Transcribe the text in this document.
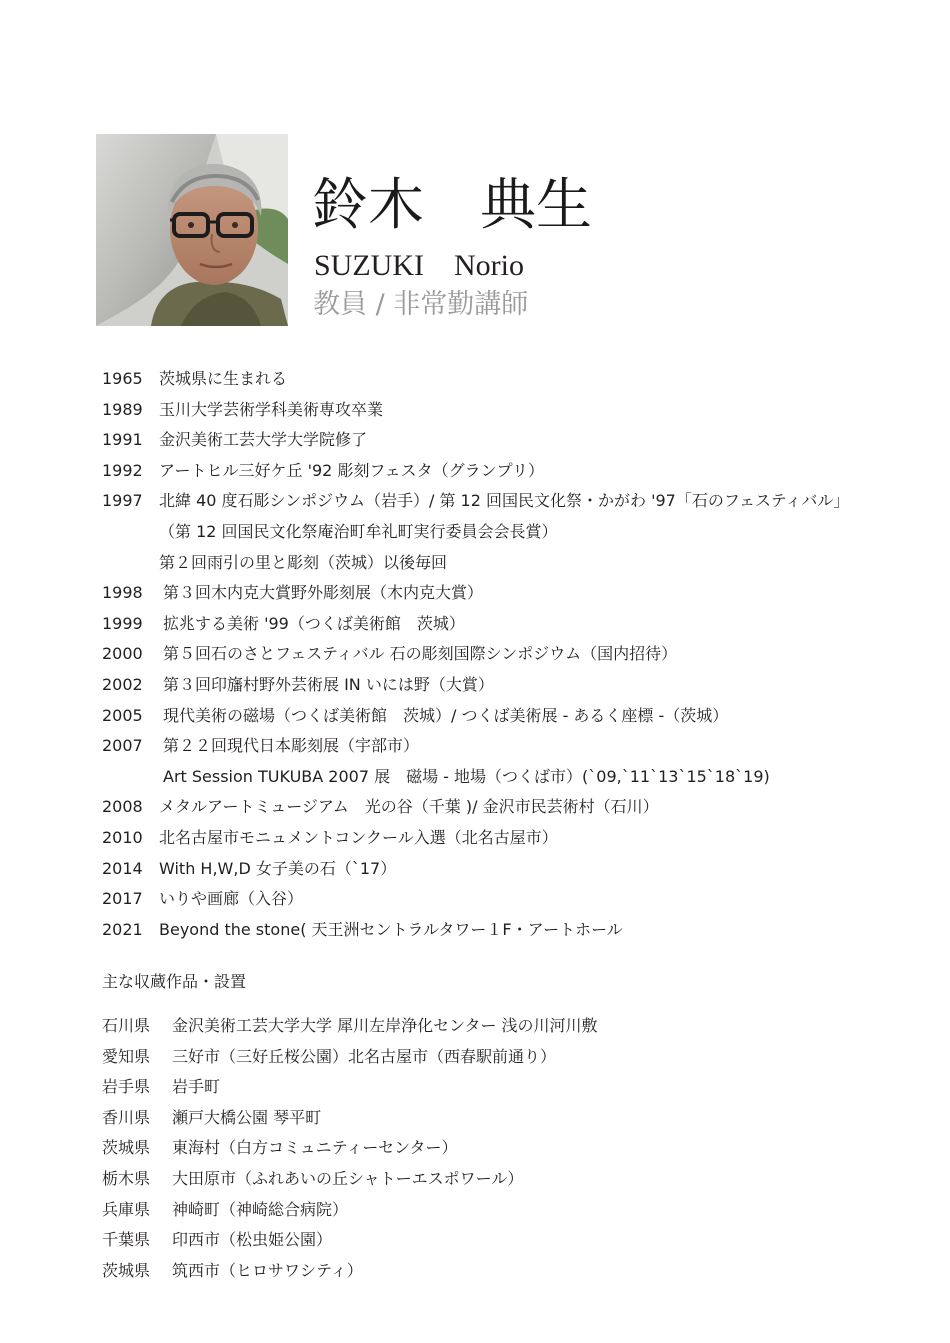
鈴木　典生
SUZUKI　Norio
教員 / 非常勤講師
1965 茨城県に生まれる
1989 玉川大学芸術学科美術専攻卒業
1991 金沢美術工芸大学大学院修了
1992 アートヒル三好ケ丘 '92 彫刻フェスタ（グランプリ）
1997 北緯 40 度石彫シンポジウム（岩手）/ 第 12 回国民文化祭・かがわ '97「石のフェスティバル」
（第 12 回国民文化祭庵治町牟礼町実行委員会会長賞）
第２回雨引の里と彫刻（茨城）以後毎回
1998 第３回木内克大賞野外彫刻展（木内克大賞）
1999 拡兆する美術 '99（つくば美術館　茨城）
2000 第５回石のさとフェスティバル 石の彫刻国際シンポジウム（国内招待）
2002 第３回印旛村野外芸術展 IN いには野（大賞）
2005 現代美術の磁場（つくば美術館　茨城）/ つくば美術展 - あるく座標 -（茨城）
2007 第２２回現代日本彫刻展（宇部市）
Art Session TUKUBA 2007 展　磁場 - 地場（つくば市）(`09,`11`13`15`18`19)
2008 メタルアートミュージアム　光の谷（千葉 )/ 金沢市民芸術村（石川）
2010 北名古屋市モニュメントコンクール入選（北名古屋市）
2014 With H,W,D 女子美の石（`17）
2017 いりや画廊（入谷）
2021 Beyond the stone( 天王洲セントラルタワー１F・アートホール
主な収蔵作品・設置
石川県 金沢美術工芸大学大学 犀川左岸浄化センター 浅の川河川敷
愛知県 三好市（三好丘桜公園）北名古屋市（西春駅前通り）
岩手県 岩手町
香川県 瀬戸大橋公園 琴平町
茨城県 東海村（白方コミュニティーセンター）
栃木県 大田原市（ふれあいの丘シャトーエスポワール）
兵庫県 神崎町（神崎総合病院）
千葉県 印西市（松虫姫公園）
茨城県 筑西市（ヒロサワシティ）
